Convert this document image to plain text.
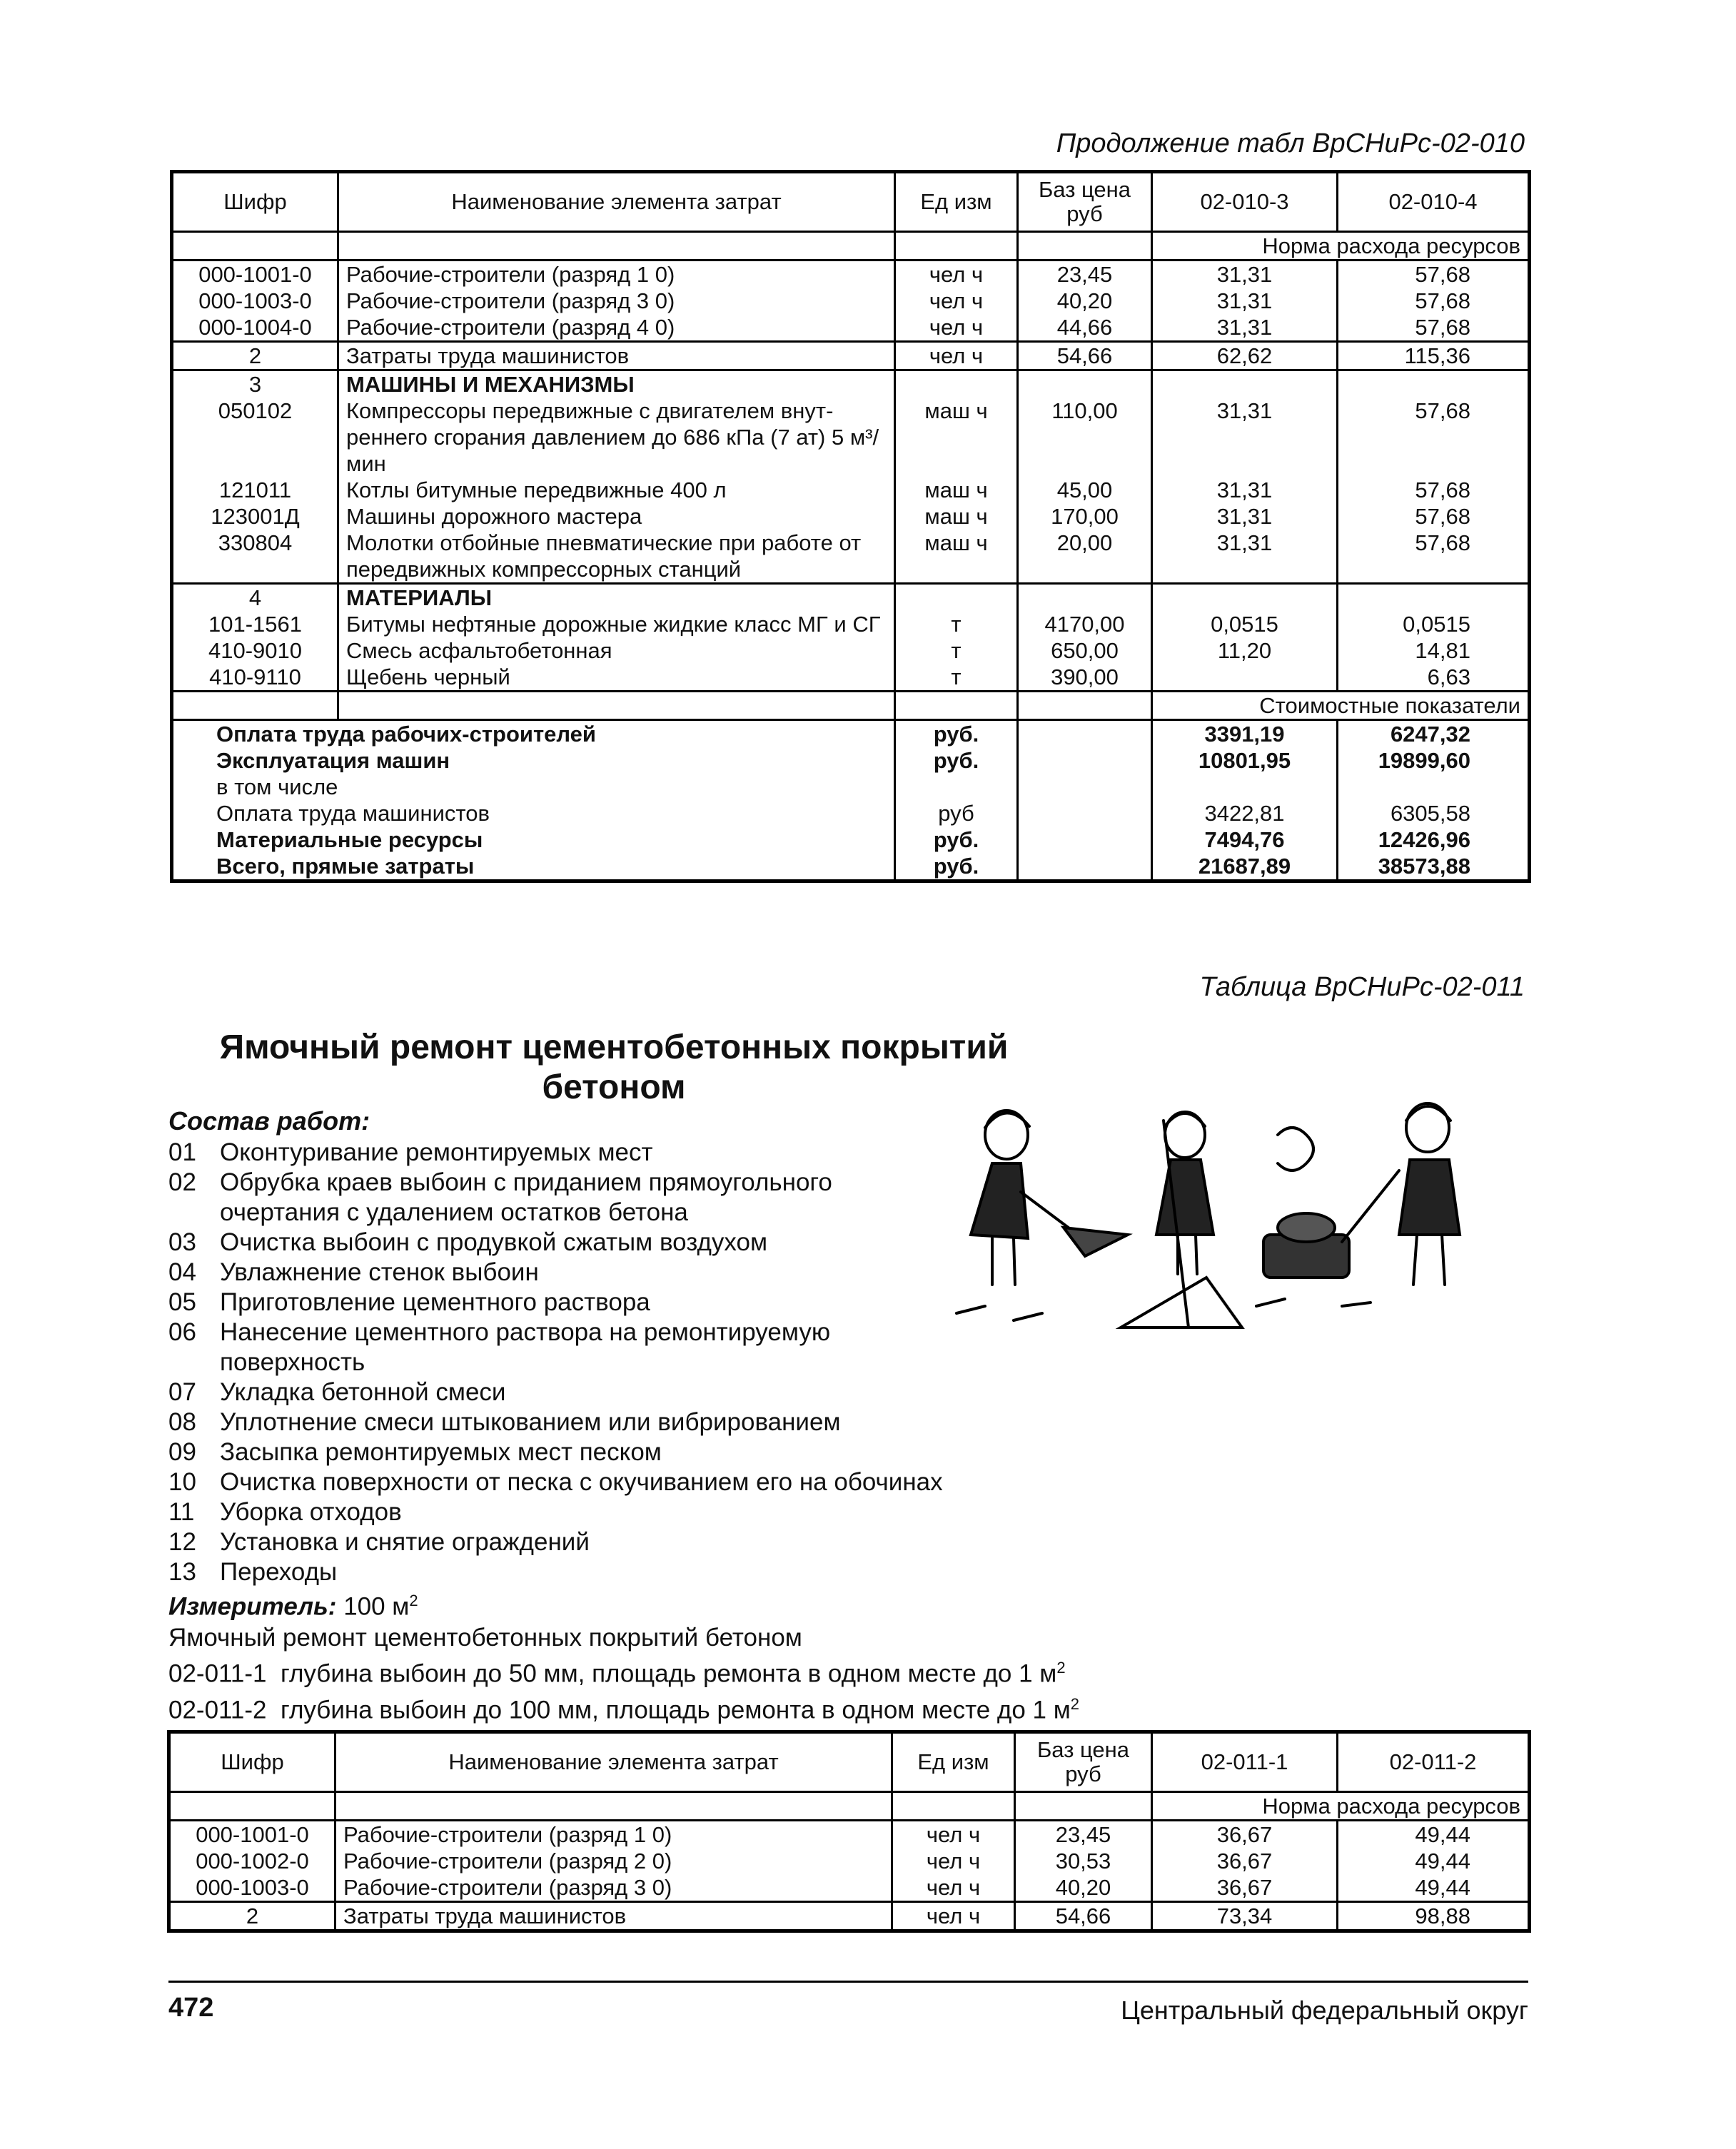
Продолжение табл ВрСНиРс-02-010
Шифр	Наименование элемента затрат	Ед изм	Баз цена руб	02-010-3	02-010-4
				Норма расхода ресурсов	
000-1001-0	Рабочие-строители (разряд 1 0)	чел ч	23,45	31,31	57,68
000-1003-0	Рабочие-строители (разряд 3 0)	чел ч	40,20	31,31	57,68
000-1004-0	Рабочие-строители (разряд 4 0)	чел ч	44,66	31,31	57,68
2	Затраты труда машинистов	чел ч	54,66	62,62	115,36
3	МАШИНЫ И МЕХАНИЗМЫ				
050102	Компрессоры передвижные с двигателем внут-реннего сгорания давлением до 686 кПа (7 ат) 5 м³/мин	маш ч	110,00	31,31	57,68
121011	Котлы битумные передвижные 400 л	маш ч	45,00	31,31	57,68
123001Д	Машины дорожного мастера	маш ч	170,00	31,31	57,68
330804	Молотки отбойные пневматические при работе от передвижных компрессорных станций	маш ч	20,00	31,31	57,68
4	МАТЕРИАЛЫ				
101-1561	Битумы нефтяные дорожные жидкие класс МГ и СГ	т	4170,00	0,0515	0,0515
410-9010	Смесь асфальтобетонная	т	650,00	11,20	14,81
410-9110	Щебень черный	т	390,00		6,63
				Стоимостные показатели	
Оплата труда рабочих-строителей		руб.		3391,19	6247,32
Эксплуатация машин		руб.		10801,95	19899,60
в том числе					
Оплата труда машинистов		руб		3422,81	6305,58
Материальные ресурсы		руб.		7494,76	12426,96
Всего, прямые затраты		руб.		21687,89	38573,88
Таблица ВрСНиРс-02-011
Ямочный ремонт цементобетонных покрытий
бетоном
Состав работ:
01 Оконтуривание ремонтируемых мест
02 Обрубка краев выбоин с приданием прямоугольного очертания с удалением остатков бетона
03 Очистка выбоин с продувкой сжатым воздухом
04 Увлажнение стенок выбоин
05 Приготовление цементного раствора
06 Нанесение цементного раствора на ремонтируемую поверхность
07 Укладка бетонной смеси
08 Уплотнение смеси штыкованием или вибрированием
09 Засыпка ремонтируемых мест песком
10 Очистка поверхности от песка с окучиванием его на обочинах
11	Уборка отходов
12 Установка и снятие ограждений
13 Переходы
Измеритель: 100 $м^2$
Ямочный ремонт цементобетонных покрытий бетоном
02-011-1 глубина выбоин до 50 мм, площадь ремонта в одном месте до 1 $м^2$
02-011-2 глубина выбоин до 100 мм, площадь ремонта в одном месте до 1 $м^2$
Шифр	Наименование элемента затрат	Ед изм	Баз цена руб	02-011-1	02-011-2
				Норма расхода ресурсов	
000-1001-0	Рабочие-строители (разряд 1 0)	чел ч	23,45	36,67	49,44
000-1002-0	Рабочие-строители (разряд 2 0)	чел ч	30,53	36,67	49,44
000-1003-0	Рабочие-строители (разряд 3 0)	чел ч	40,20	36,67	49,44
2	Затраты труда машинистов	чел ч	54,66	73,34	98,88
472	Центральный федеральный округ
